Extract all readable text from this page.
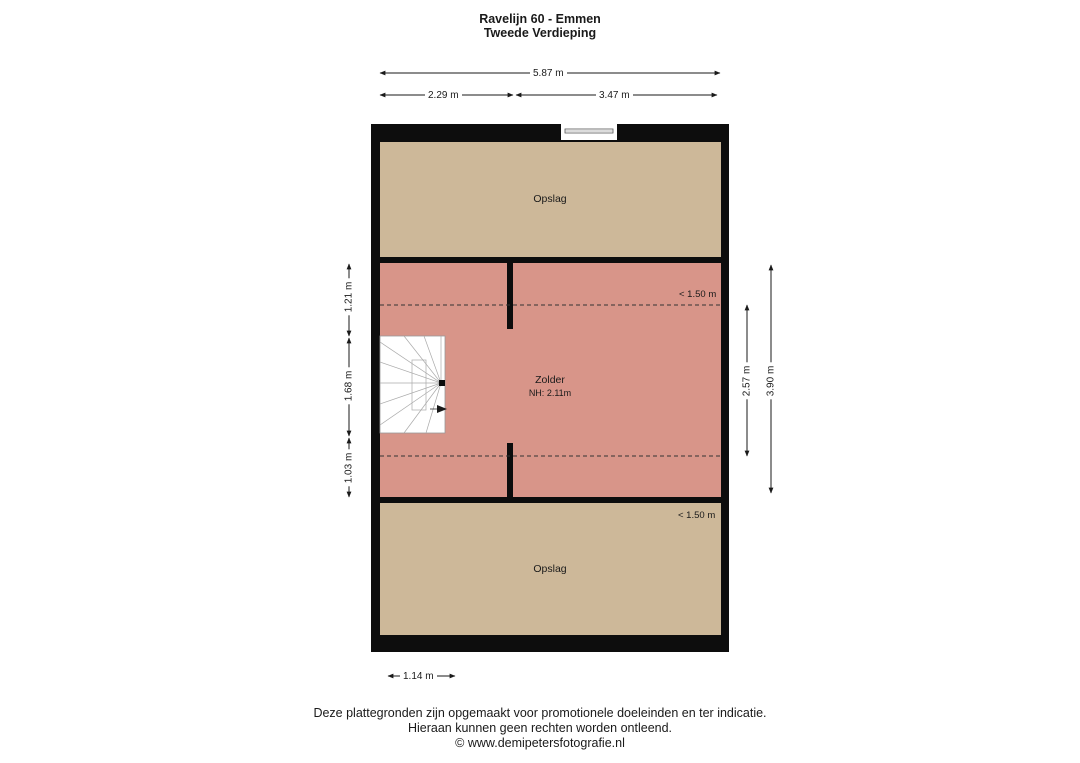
Ravelijn 60 - Emmen
Tweede Verdieping
5.87 m
2.29 m	3.47 m
1.21 m
1.68 m
1.03 m
2.57 m 3.90 m
1.14 m
Opslag
Zolder
NH: 2.11m
Opslag
< 1.50 m
< 1.50 m
Deze plattegronden zijn opgemaakt voor promotionele doeleinden en ter indicatie.
Hieraan kunnen geen rechten worden ontleend.
© www.demipetersfotografie.nl
